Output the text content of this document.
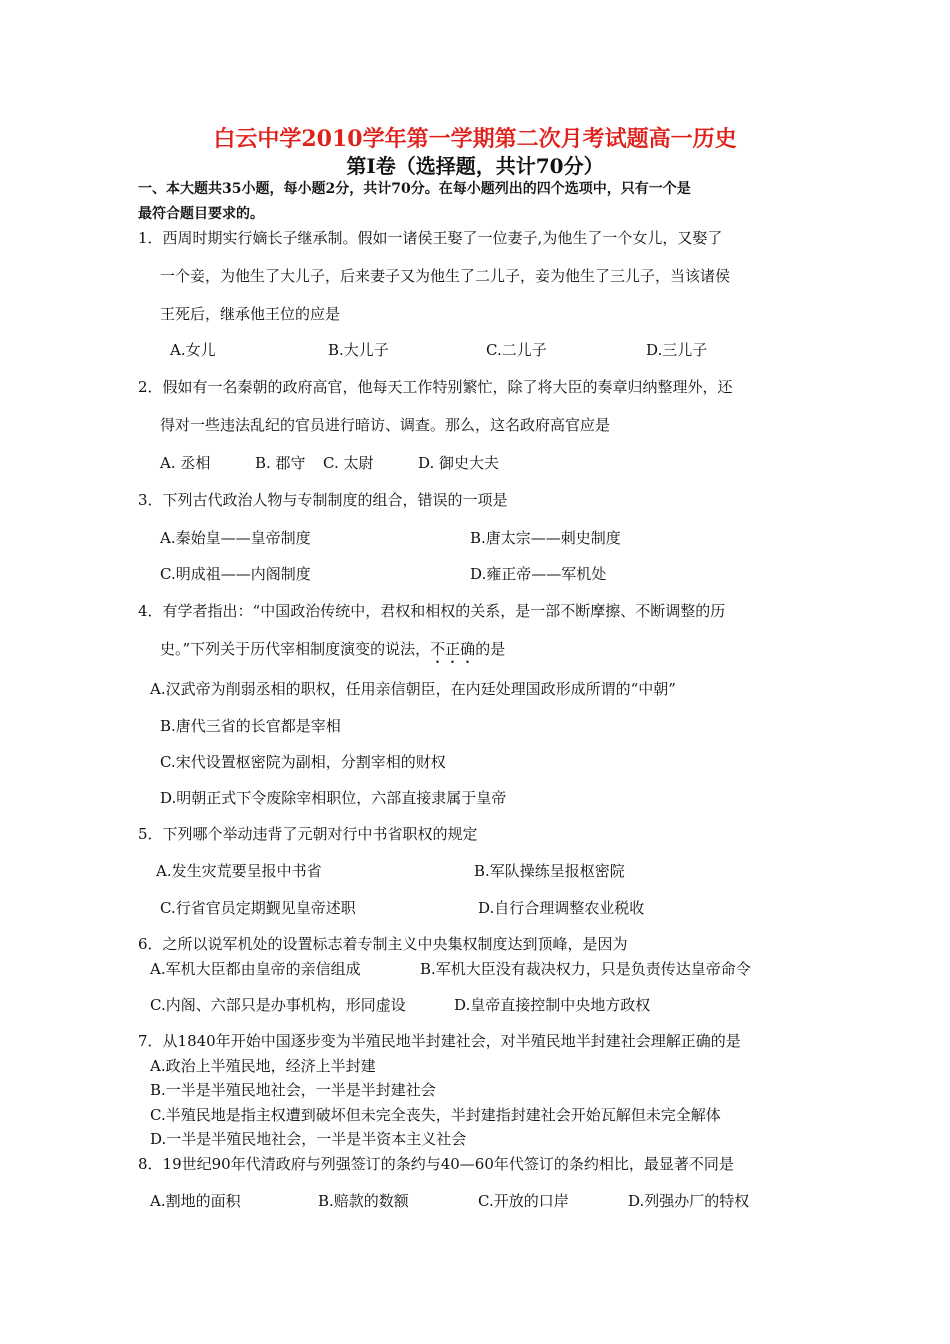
白云中学2010学年第一学期第二次月考试题高一历史
第Ⅰ卷（选择题，共计70分）
一、本大题共35小题，每小题2分，共计70分。在每小题列出的四个选项中，只有一个是
最符合题目要求的。
1．西周时期实行嫡长子继承制。假如一诸侯王娶了一位妻子,为他生了一个女儿，又娶了
一个妾，为他生了大儿子，后来妻子又为他生了二儿子，妾为他生了三儿子，当该诸侯
王死后，继承他王位的应是
A.女儿	B.大儿子	C.二儿子	D.三儿子
2．假如有一名秦朝的政府高官，他每天工作特别繁忙，除了将大臣的奏章归纳整理外，还
得对一些违法乱纪的官员进行暗访、调查。那么，这名政府高官应是
A. 丞相	B. 郡守 C. 太尉	D. 御史大夫
3．下列古代政治人物与专制制度的组合，错误的一项是
A.秦始皇——皇帝制度	B.唐太宗——刺史制度
C.明成祖——内阁制度	D.雍正帝——军机处
4．有学者指出：“中国政治传统中，君权和相权的关系，是一部不断摩擦、不断调整的历
史。”下列关于历代宰相制度演变的说法，不正确的是
A.汉武帝为削弱丞相的职权，任用亲信朝臣，在内廷处理国政形成所谓的“中朝”
B.唐代三省的长官都是宰相
C.宋代设置枢密院为副相，分割宰相的财权
D.明朝正式下令废除宰相职位，六部直接隶属于皇帝
5．下列哪个举动违背了元朝对行中书省职权的规定
A.发生灾荒要呈报中书省	B.军队操练呈报枢密院
C.行省官员定期觐见皇帝述职	D.自行合理调整农业税收
6．之所以说军机处的设置标志着专制主义中央集权制度达到顶峰，是因为
A.军机大臣都由皇帝的亲信组成	B.军机大臣没有裁决权力，只是负责传达皇帝命令
C.内阁、六部只是办事机构，形同虚设	D.皇帝直接控制中央地方政权
7．从1840年开始中国逐步变为半殖民地半封建社会，对半殖民地半封建社会理解正确的是
A.政治上半殖民地，经济上半封建
B.一半是半殖民地社会，一半是半封建社会
C.半殖民地是指主权遭到破坏但未完全丧失，半封建指封建社会开始瓦解但未完全解体
D.一半是半殖民地社会，一半是半资本主义社会
8．19世纪90年代清政府与列强签订的条约与40—60年代签订的条约相比，最显著不同是
A.割地的面积	B.赔款的数额	C.开放的口岸	D.列强办厂的特权
